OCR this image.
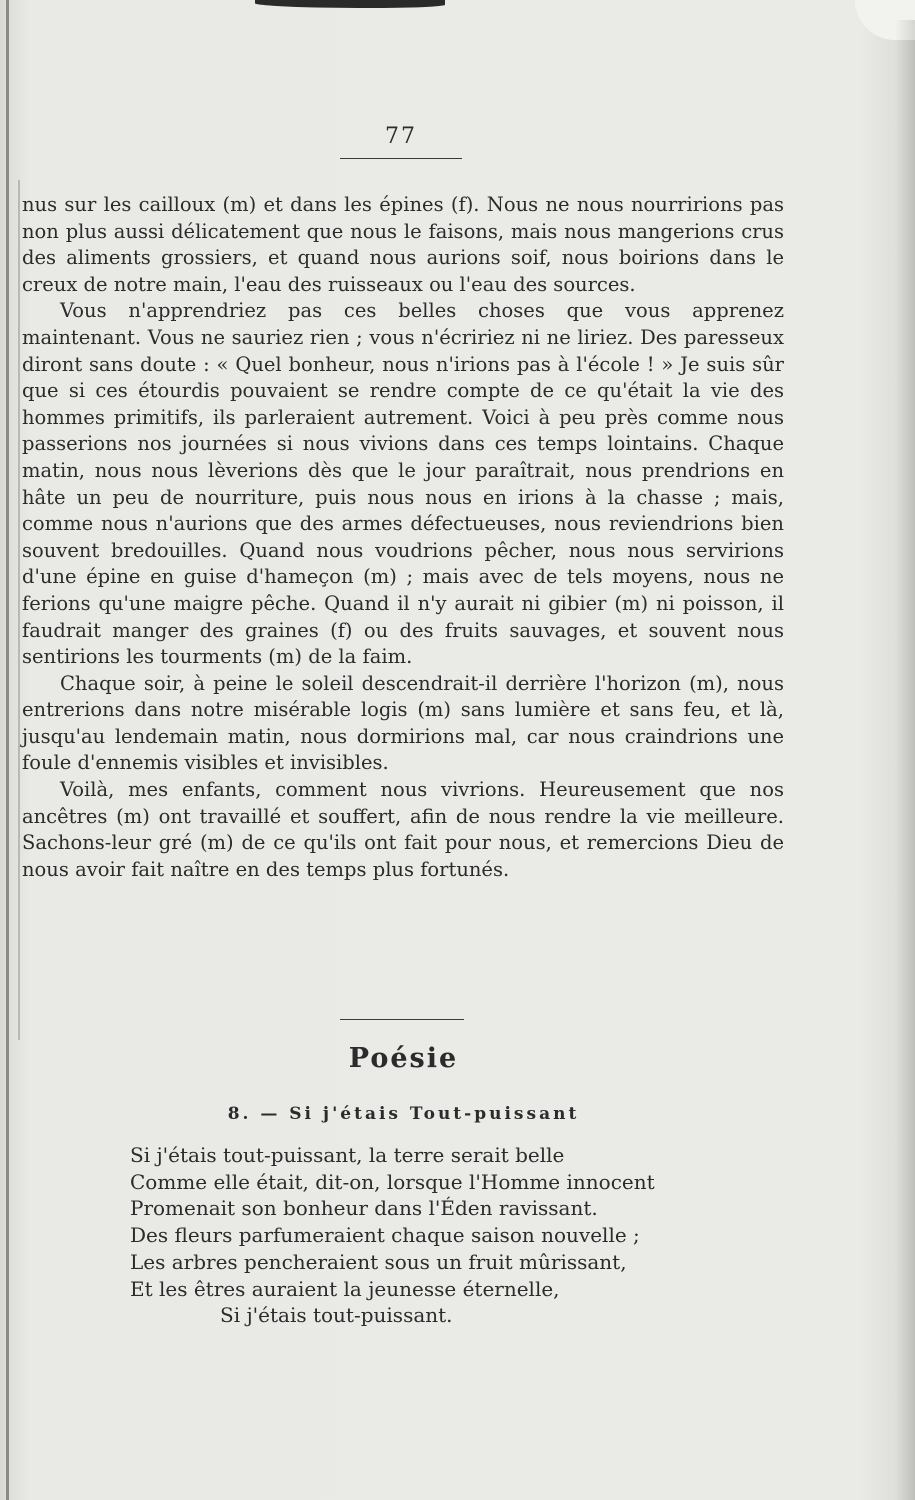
77

nus sur les cailloux (m) et dans les épines (f). Nous ne nous nourririons pas non plus aussi délicatement que nous le faisons, mais nous mangerions crus des aliments grossiers, et quand nous aurions soif, nous boirions dans le creux de notre main, l'eau des ruisseaux ou l'eau des sources.

Vous n'apprendriez pas ces belles choses que vous apprenez maintenant. Vous ne sauriez rien ; vous n'écririez ni ne liriez. Des paresseux diront sans doute : « Quel bonheur, nous n'irions pas à l'école ! » Je suis sûr que si ces étourdis pouvaient se rendre compte de ce qu'était la vie des hommes primitifs, ils parleraient autrement. Voici à peu près comme nous passerions nos journées si nous vivions dans ces temps lointains. Chaque matin, nous nous lèverions dès que le jour paraîtrait, nous prendrions en hâte un peu de nourriture, puis nous nous en irions à la chasse ; mais, comme nous n'aurions que des armes défectueuses, nous reviendrions bien souvent bredouilles. Quand nous voudrions pêcher, nous nous servirions d'une épine en guise d'hameçon (m) ; mais avec de tels moyens, nous ne ferions qu'une maigre pêche. Quand il n'y aurait ni gibier (m) ni poisson, il faudrait manger des graines (f) ou des fruits sauvages, et souvent nous sentirions les tourments (m) de la faim.

Chaque soir, à peine le soleil descendrait-il derrière l'horizon (m), nous entrerions dans notre misérable logis (m) sans lumière et sans feu, et là, jusqu'au lendemain matin, nous dormirions mal, car nous craindrions une foule d'ennemis visibles et invisibles.

Voilà, mes enfants, comment nous vivrions. Heureusement que nos ancêtres (m) ont travaillé et souffert, afin de nous rendre la vie meilleure. Sachons-leur gré (m) de ce qu'ils ont fait pour nous, et remercions Dieu de nous avoir fait naître en des temps plus fortunés.

Poésie
8. — Si j'étais Tout-puissant
Si j'étais tout-puissant, la terre serait belle
Comme elle était, dit-on, lorsque l'Homme innocent
Promenait son bonheur dans l'Éden ravissant.
Des fleurs parfumeraient chaque saison nouvelle ;
Les arbres pencheraient sous un fruit mûrissant,
Et les êtres auraient la jeunesse éternelle,
Si j'étais tout-puissant.
